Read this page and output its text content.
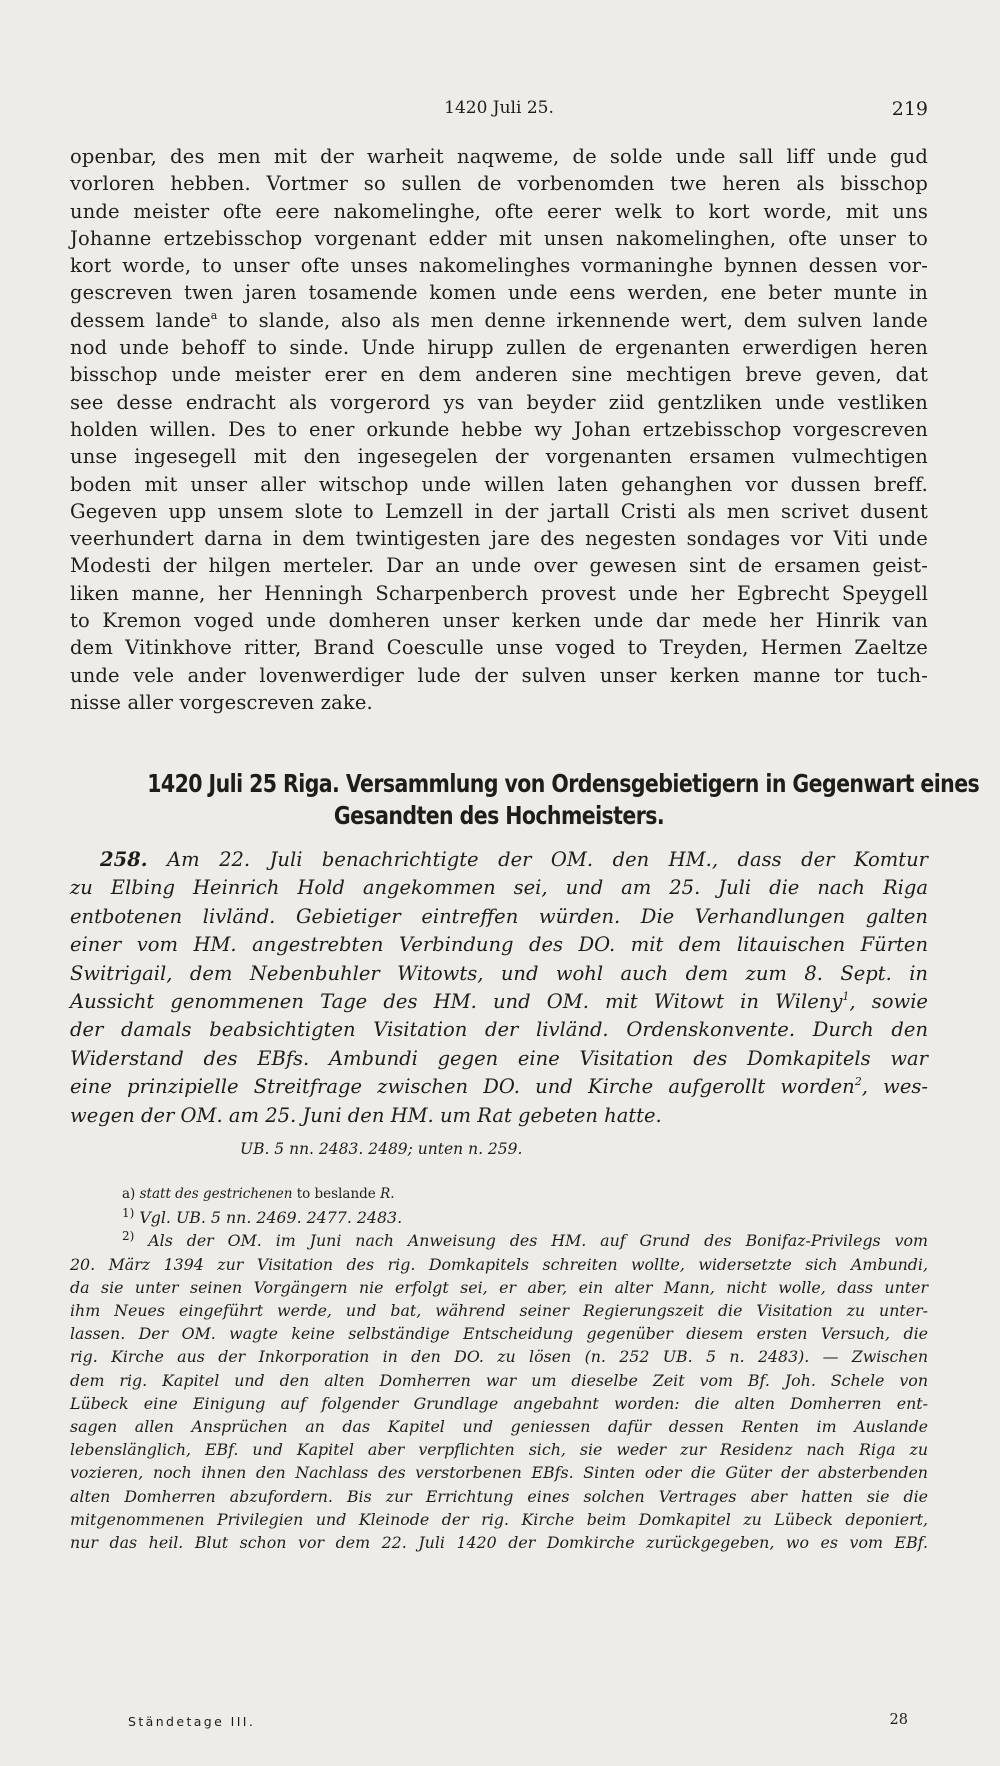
1420 Juli 25.	219
openbar, des men mit der warheit naqweme, de solde unde sall liff unde gud
vorloren hebben. Vortmer so sullen de vorbenomden twe heren als bisschop
unde meister ofte eere nakomelinghe, ofte eerer welk to kort worde, mit uns
Johanne ertzebisschop vorgenant edder mit unsen nakomelinghen, ofte unser to
kort worde, to unser ofte unses nakomelinghes vormaninghe bynnen dessen vor-
gescreven twen jaren tosamende komen unde eens werden, ene beter munte in
dessem lande$^a$ to slande, also als men denne irkennende wert, dem sulven lande
nod unde behoff to sinde. Unde hirupp zullen de ergenanten erwerdigen heren
bisschop unde meister erer en dem anderen sine mechtigen breve geven, dat
see desse endracht als vorgerord ys van beyder ziid gentzliken unde vestliken
holden willen. Des to ener orkunde hebbe wy Johan ertzebisschop vorgescreven
unse ingesegell mit den ingesegelen der vorgenanten ersamen vulmechtigen
boden mit unser aller witschop unde willen laten gehanghen vor dussen breff.
Gegeven upp unsem slote to Lemzell in der jartall Cristi als men scrivet dusent
veerhundert darna in dem twintigesten jare des negesten sondages vor Viti unde
Modesti der hilgen merteler. Dar an unde over gewesen sint de ersamen geist-
liken manne, her Henningh Scharpenberch provest unde her Egbrecht Speygell
to Kremon voged unde domheren unser kerken unde dar mede her Hinrik van
dem Vitinkhove ritter, Brand Coesculle unse voged to Treyden, Hermen Zaeltze
unde vele ander lovenwerdiger lude der sulven unser kerken manne tor tuch-
nisse aller vorgescreven zake.
1420 Juli 25 Riga. Versammlung von Ordensgebietigern in Gegenwart eines
Gesandten des Hochmeisters.
258. Am 22. Juli benachrichtigte der OM. den HM., dass der Komtur
zu Elbing Heinrich Hold angekommen sei, und am 25. Juli die nach Riga
entbotenen livländ. Gebietiger eintreffen würden. Die Verhandlungen galten
einer vom HM. angestrebten Verbindung des DO. mit dem litauischen Fürten
Switrigail, dem Nebenbuhler Witowts, und wohl auch dem zum 8. Sept. in
Aussicht genommenen Tage des HM. und OM. mit Witowt in Wileny$^1$, sowie
der damals beabsichtigten Visitation der livländ. Ordenskonvente. Durch den
Widerstand des EBfs. Ambundi gegen eine Visitation des Domkapitels war
eine prinzipielle Streitfrage zwischen DO. und Kirche aufgerollt worden$^2$, wes-
wegen der OM. am 25. Juni den HM. um Rat gebeten hatte.
UB. 5 nn. 2483. 2489; unten n. 259.
a) statt des gestrichenen to beslande R.
$^{1)}$ Vgl. UB. 5 nn. 2469. 2477. 2483.
$^{2)}$ Als der OM. im Juni nach Anweisung des HM. auf Grund des Bonifaz-Privilegs vom
20. März 1394 zur Visitation des rig. Domkapitels schreiten wollte, widersetzte sich Ambundi,
da sie unter seinen Vorgängern nie erfolgt sei, er aber, ein alter Mann, nicht wolle, dass unter
ihm Neues eingeführt werde, und bat, während seiner Regierungszeit die Visitation zu unter-
lassen. Der OM. wagte keine selbständige Entscheidung gegenüber diesem ersten Versuch, die
rig. Kirche aus der Inkorporation in den DO. zu lösen (n. 252 UB. 5 n. 2483). — Zwischen
dem rig. Kapitel und den alten Domherren war um dieselbe Zeit vom Bf. Joh. Schele von
Lübeck eine Einigung auf folgender Grundlage angebahnt worden: die alten Domherren ent-
sagen allen Ansprüchen an das Kapitel und geniessen dafür dessen Renten im Auslande
lebenslänglich, EBf. und Kapitel aber verpflichten sich, sie weder zur Residenz nach Riga zu
vozieren, noch ihnen den Nachlass des verstorbenen EBfs. Sinten oder die Güter der absterbenden
alten Domherren abzufordern. Bis zur Errichtung eines solchen Vertrages aber hatten sie die
mitgenommenen Privilegien und Kleinode der rig. Kirche beim Domkapitel zu Lübeck deponiert,
nur das heil. Blut schon vor dem 22. Juli 1420 der Domkirche zurückgegeben, wo es vom EBf.
Ständetage III.	28
